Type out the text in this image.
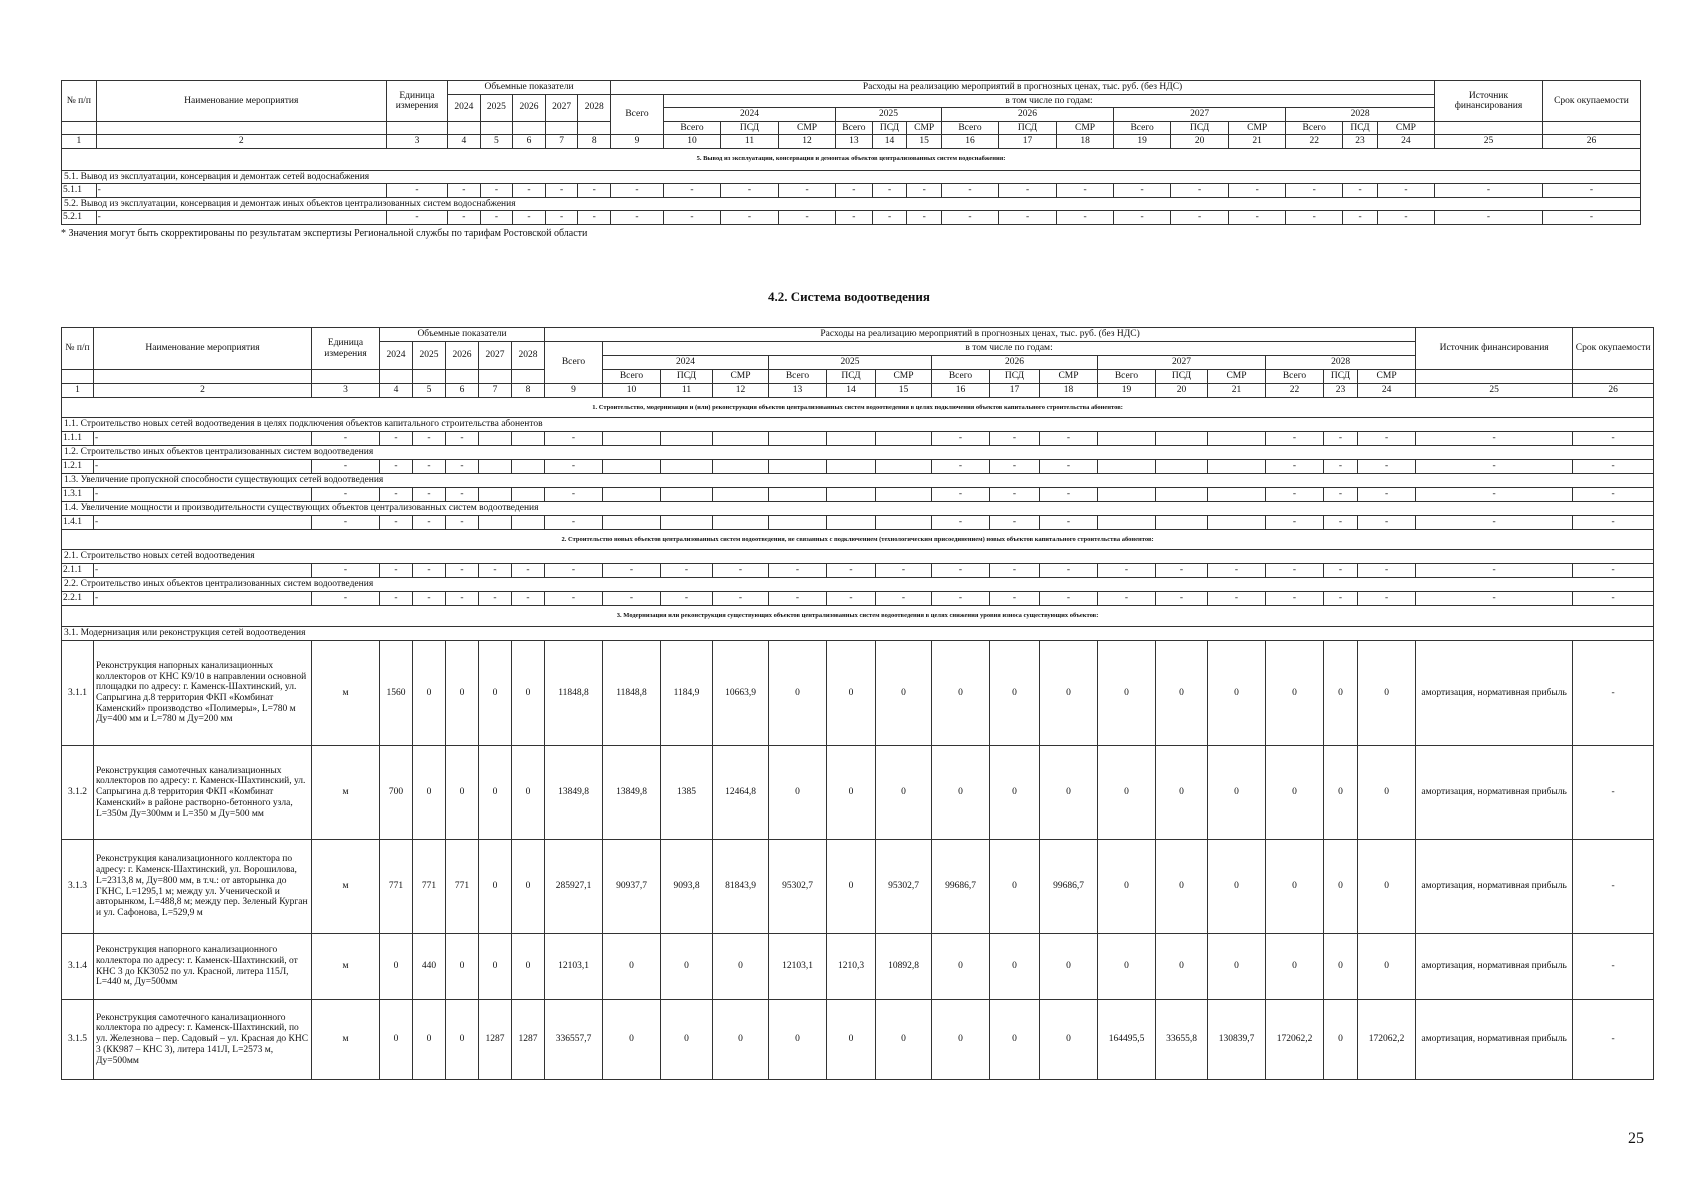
№ п/п	Наименование мероприятия	Единица измерения	Объемные показатели					Расходы на реализацию мероприятий в прогнозных ценах, тыс. руб. (без НДС)																Источник финансирования	Срок окупаемости
			2024	2025	2026	2027	2028	Всего	в том числе по годам:																
									2024			2025			2026			2027			2028				
									Всего	ПСД	СМР	Всего	ПСД	СМР	Всего	ПСД	СМР	Всего	ПСД	СМР	Всего	ПСД	СМР		
1	2	3	4	5	6	7	8	9	10	11	12	13	14	15	16	17	18	19	20	21	22	23	24	25	26
5. Вывод из эксплуатации, консервация и демонтаж объектов централизованных систем водоснабжения:																									
5.1. Вывод из эксплуатации, консервация и демонтаж сетей водоснабжения																									
5.1.1	-	-	-	-	-	-	-	-	-	-	-	-	-	-	-	-	-	-	-	-	-	-	-	-	-
5.2. Вывод из эксплуатации, консервация и демонтаж иных объектов централизованных систем водоснабжения																									
5.2.1	-	-	-	-	-	-	-	-	-	-	-	-	-	-	-	-	-	-	-	-	-	-	-	-	-
* Значения могут быть скорректированы по результатам экспертизы Региональной службы по тарифам Ростовской области
4.2. Система водоотведения
№ п/п	Наименование мероприятия	Единица измерения	Объемные показатели					Расходы на реализацию мероприятий в прогнозных ценах, тыс. руб. (без НДС)																Источник финансирования	Срок окупаемости
			2024	2025	2026	2027	2028	Всего	в том числе по годам:																
									2024			2025			2026			2027			2028				
									Всего	ПСД	СМР	Всего	ПСД	СМР	Всего	ПСД	СМР	Всего	ПСД	СМР	Всего	ПСД	СМР		
1	2	3	4	5	6	7	8	9	10	11	12	13	14	15	16	17	18	19	20	21	22	23	24	25	26
1. Строительство, модернизация и (или) реконструкция объектов централизованных систем водоотведения в целях подключения объектов капитального строительства абонентов:																									
1.1. Строительство новых сетей водоотведения в целях подключения объектов капитального строительства абонентов																									
1.1.1	-	-	-	-	-			-							-	-	-				-	-	-	-	-
1.2. Строительство иных объектов централизованных систем водоотведения																									
1.2.1	-	-	-	-	-			-							-	-	-				-	-	-	-	-
1.3. Увеличение пропускной способности существующих сетей водоотведения																									
1.3.1	-	-	-	-	-			-							-	-	-				-	-	-	-	-
1.4. Увеличение мощности и производительности существующих объектов централизованных систем водоотведения																									
1.4.1	-	-	-	-	-			-							-	-	-				-	-	-	-	-
2. Строительство новых объектов централизованных систем водоотведения, не связанных с подключением (технологическим присоединением) новых объектов капитального строительства абонентов:																									
2.1. Строительство новых сетей водоотведения																									
2.1.1	-	-	-	-	-	-	-	-	-	-	-	-	-	-	-	-	-	-	-	-	-	-	-	-	-
2.2. Строительство иных объектов централизованных систем водоотведения																									
2.2.1	-	-	-	-	-	-	-	-	-	-	-	-	-	-	-	-	-	-	-	-	-	-	-	-	-
3. Модернизация или реконструкция существующих объектов централизованных систем водоотведения в целях снижения уровня износа существующих объектов:																									
3.1. Модернизация или реконструкция сетей водоотведения																									
3.1.1	Реконструкция напорных канализационных коллекторов от КНС К9/10 в направлении основной площадки по адресу: г. Каменск-Шахтинский, ул. Сапрыгина д.8 территория ФКП «Комбинат Каменский» производство «Полимеры», L=780 м Ду=400 мм и L=780 м Ду=200 мм	м	1560	0	0	0	0	11848,8	11848,8	1184,9	10663,9	0	0	0	0	0	0	0	0	0	0	0	0	амортизация, нормативная прибыль	-
3.1.2	Реконструкция самотечных канализационных коллекторов по адресу: г. Каменск-Шахтинский, ул. Сапрыгина д.8 территория ФКП «Комбинат Каменский» в районе растворно-бетонного узла, L=350м Ду=300мм и L=350 м Ду=500 мм	м	700	0	0	0	0	13849,8	13849,8	1385	12464,8	0	0	0	0	0	0	0	0	0	0	0	0	амортизация, нормативная прибыль	-
3.1.3	Реконструкция канализационного коллектора по адресу: г. Каменск-Шахтинский, ул. Ворошилова, L=2313,8 м, Ду=800 мм, в т.ч.: от авторынка до ГКНС, L=1295,1 м; между ул. Ученической и авторынком, L=488,8 м; между пер. Зеленый Курган и ул. Сафонова, L=529,9 м	м	771	771	771	0	0	285927,1	90937,7	9093,8	81843,9	95302,7	0	95302,7	99686,7	0	99686,7	0	0	0	0	0	0	амортизация, нормативная прибыль	-
3.1.4	Реконструкция напорного канализационного коллектора по адресу: г. Каменск-Шахтинский, от КНС 3 до КК3052 по ул. Красной, литера 115Л, L=440 м, Ду=500мм	м	0	440	0	0	0	12103,1	0	0	0	12103,1	1210,3	10892,8	0	0	0	0	0	0	0	0	0	амортизация, нормативная прибыль	-
3.1.5	Реконструкция самотечного канализационного коллектора по адресу: г. Каменск-Шахтинский, по ул. Железнова – пер. Садовый – ул. Красная до КНС 3 (КК987 – КНС 3), литера 141Л, L=2573 м, Ду=500мм	м	0	0	0	1287	1287	336557,7	0	0	0	0	0	0	0	0	0	164495,5	33655,8	130839,7	172062,2	0	172062,2	амортизация, нормативная прибыль	-
25
